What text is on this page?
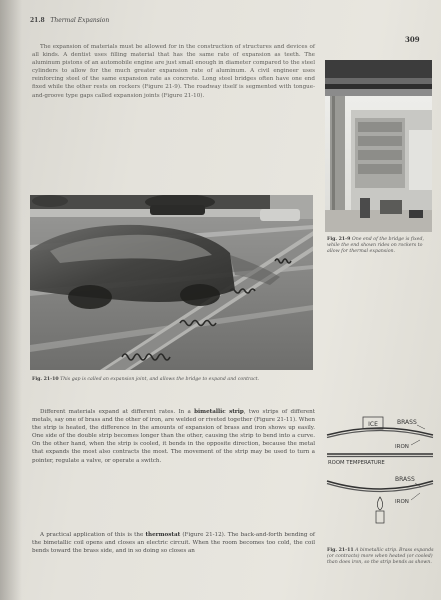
21.8 Thermal Expansion
309

The expansion of materials must be allowed for in the construction of structures and devices of all kinds. A dentist uses filling material that has the same rate of expansion as teeth. The aluminum pistons of an automobile engine are just small enough in diameter compared to the steel cylinders to allow for the much greater expansion rate of aluminum. A civil engineer uses reinforcing steel of the same expansion rate as concrete. Long steel bridges often have one end fixed while the other rests on rockers (Figure 21-9). The roadway itself is segmented with tongue-and-groove type gaps called expansion joints (Figure 21-10).

Fig. 21-9 One end of the bridge is fixed, while the end shown rides on rockers to allow for thermal expansion.
Fig. 21-10 This gap is called an expansion joint, and allows the bridge to expand and contract.

Different materials expand at different rates. In a bimetallic strip, two strips of different metals, say one of brass and the other of iron, are welded or riveted together (Figure 21-11). When the strip is heated, the difference in the amounts of expansion of brass and iron shows up easily. One side of the double strip becomes longer than the other, causing the strip to bend into a curve. On the other hand, when the strip is cooled, it bends in the opposite direction, because the metal that expands the most also contracts the most. The movement of the strip may be used to turn a pointer, regulate a valve, or operate a switch.

A practical application of this is the thermostat (Figure 21-12). The back-and-forth bending of the bimetallic coil opens and closes an electric circuit. When the room becomes too cold, the coil bends toward the brass side, and in so doing so closes an

ICE	BRASS
IRON
ROOM TEMPERATURE
BRASS
IRON
Fig. 21-11 A bimetallic strip. Brass expands (or contracts) more when heated (or cooled) than does iron, so the strip bends as shown.
